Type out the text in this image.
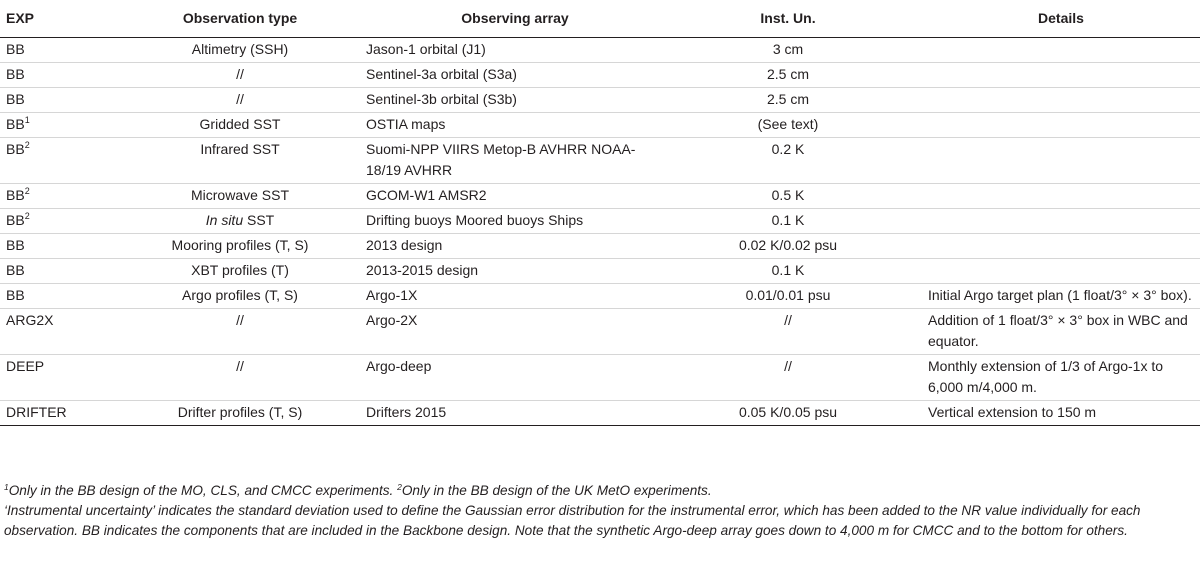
EXP	Observation type	Observing array	Inst. Un.	Details
BB	Altimetry (SSH)	Jason-1 orbital (J1)	3 cm	
BB	//	Sentinel-3a orbital (S3a)	2.5 cm	
BB	//	Sentinel-3b orbital (S3b)	2.5 cm	
$BB^1$	Gridded SST	OSTIA maps	(See text)	
$BB^2$	Infrared SST	Suomi-NPP VIIRS Metop-B AVHRR NOAA-18/19 AVHRR	0.2 K	
$BB^2$	Microwave SST	GCOM-W1 AMSR2	0.5 K	
$BB^2$	In situ SST	Drifting buoys Moored buoys Ships	0.1 K	
BB	Mooring profiles (T, S)	2013 design	0.02 K/0.02 psu	
BB	XBT profiles (T)	2013-2015 design	0.1 K	
BB	Argo profiles (T, S)	Argo-1X	0.01/0.01 psu	Initial Argo target plan (1 float/3° × 3° box).
ARG2X	//	Argo-2X	//	Addition of 1 float/3° × 3° box in WBC and equator.
DEEP	//	Argo-deep	//	Monthly extension of 1/3 of Argo-1x to 6,000 m/4,000 m.
DRIFTER	Drifter profiles (T, S)	Drifters 2015	0.05 K/0.05 psu	Vertical extension to 150 m

$^1$Only in the BB design of the MO, CLS, and CMCC experiments. $^2$Only in the BB design of the UK MetO experiments.

‘Instrumental uncertainty’ indicates the standard deviation used to define the Gaussian error distribution for the instrumental error, which has been added to the NR value individually for each observation. BB indicates the components that are included in the Backbone design. Note that the synthetic Argo-deep array goes down to 4,000 m for CMCC and to the bottom for others.
